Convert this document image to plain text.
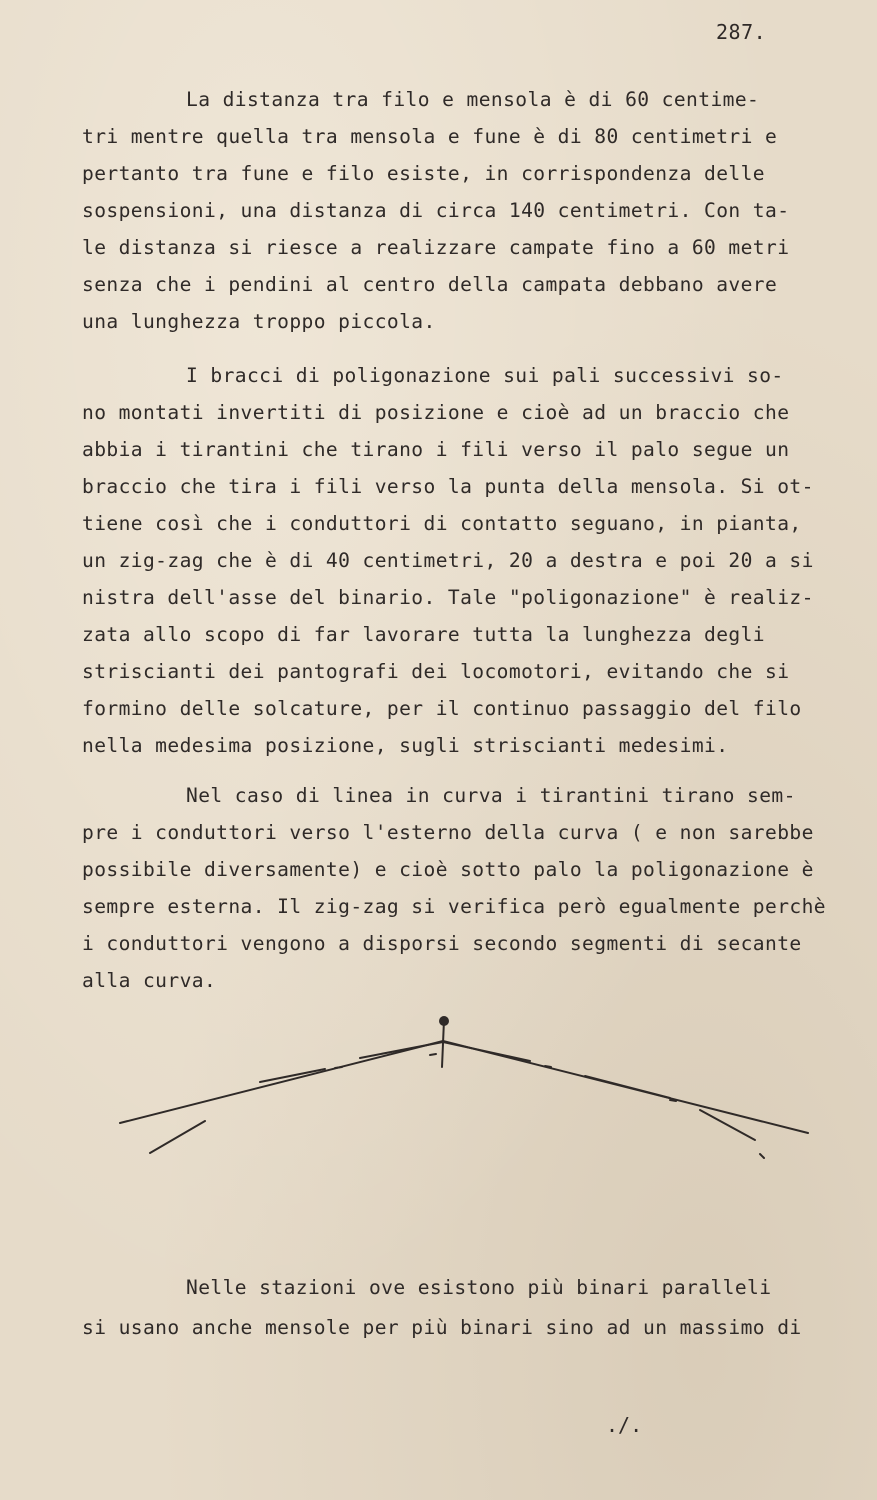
287.
La distanza tra filo e mensola è di 60 centime-
tri mentre quella tra mensola e fune è di 80 centimetri e
pertanto tra fune e filo esiste, in corrispondenza delle
sospensioni, una distanza di circa 140 centimetri. Con ta-
le distanza si riesce a realizzare campate fino a 60 metri
senza che i pendini al centro della campata debbano avere
una lunghezza troppo piccola.
I bracci di poligonazione sui pali successivi so-
no montati invertiti di posizione e cioè ad un braccio che
abbia i tirantini che tirano i fili verso il palo segue un
braccio che tira i fili verso la punta della mensola. Si ot-
tiene così che i conduttori di contatto seguano, in pianta,
un zig-zag che è di 40 centimetri, 20 a destra e poi 20 a si
nistra dell'asse del binario. Tale "poligonazione" è realiz-
zata allo scopo di far lavorare tutta la lunghezza degli
striscianti dei pantografi dei locomotori, evitando che si
formino delle solcature, per il continuo passaggio del filo
nella medesima posizione, sugli striscianti medesimi.
Nel caso di linea in curva i tirantini tirano sem-
pre i conduttori verso l'esterno della curva ( e non sarebbe
possibile diversamente) e cioè sotto palo la poligonazione è
sempre esterna. Il zig-zag si verifica però egualmente perchè
i conduttori vengono a disporsi secondo segmenti di secante
alla curva.
Nelle stazioni ove esistono più binari paralleli
si usano anche mensole per più binari sino ad un massimo di
./.
